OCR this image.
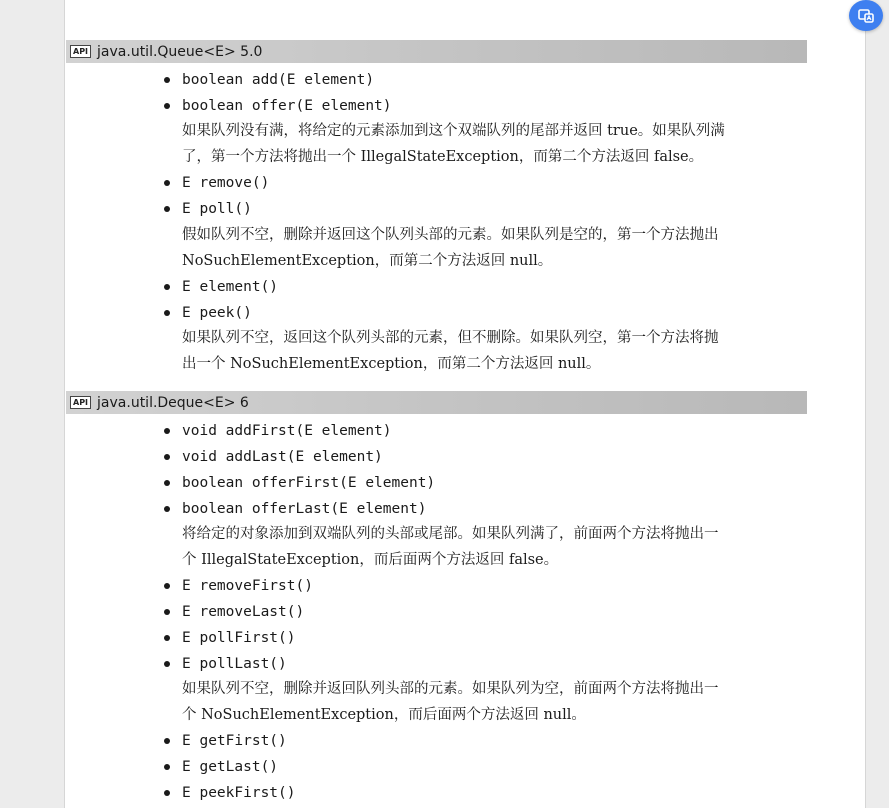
API java.util.Queue<E> 5.0
boolean add(E element)
boolean offer(E element)
如果队列没有满，将给定的元素添加到这个双端队列的尾部并返回 true。如果队列满
了，第一个方法将抛出一个 IllegalStateException，而第二个方法返回 false。
E remove()
E poll()
假如队列不空，删除并返回这个队列头部的元素。如果队列是空的，第一个方法抛出
NoSuchElementException，而第二个方法返回 null。
E element()
E peek()
如果队列不空，返回这个队列头部的元素，但不删除。如果队列空，第一个方法将抛
出一个 NoSuchElementException，而第二个方法返回 null。
API java.util.Deque<E> 6
void addFirst(E element)
void addLast(E element)
boolean offerFirst(E element)
boolean offerLast(E element)
将给定的对象添加到双端队列的头部或尾部。如果队列满了，前面两个方法将抛出一
个 IllegalStateException，而后面两个方法返回 false。
E removeFirst()
E removeLast()
E pollFirst()
E pollLast()
如果队列不空，删除并返回队列头部的元素。如果队列为空，前面两个方法将抛出一
个 NoSuchElementException，而后面两个方法返回 null。
E getFirst()
E getLast()
E peekFirst()
